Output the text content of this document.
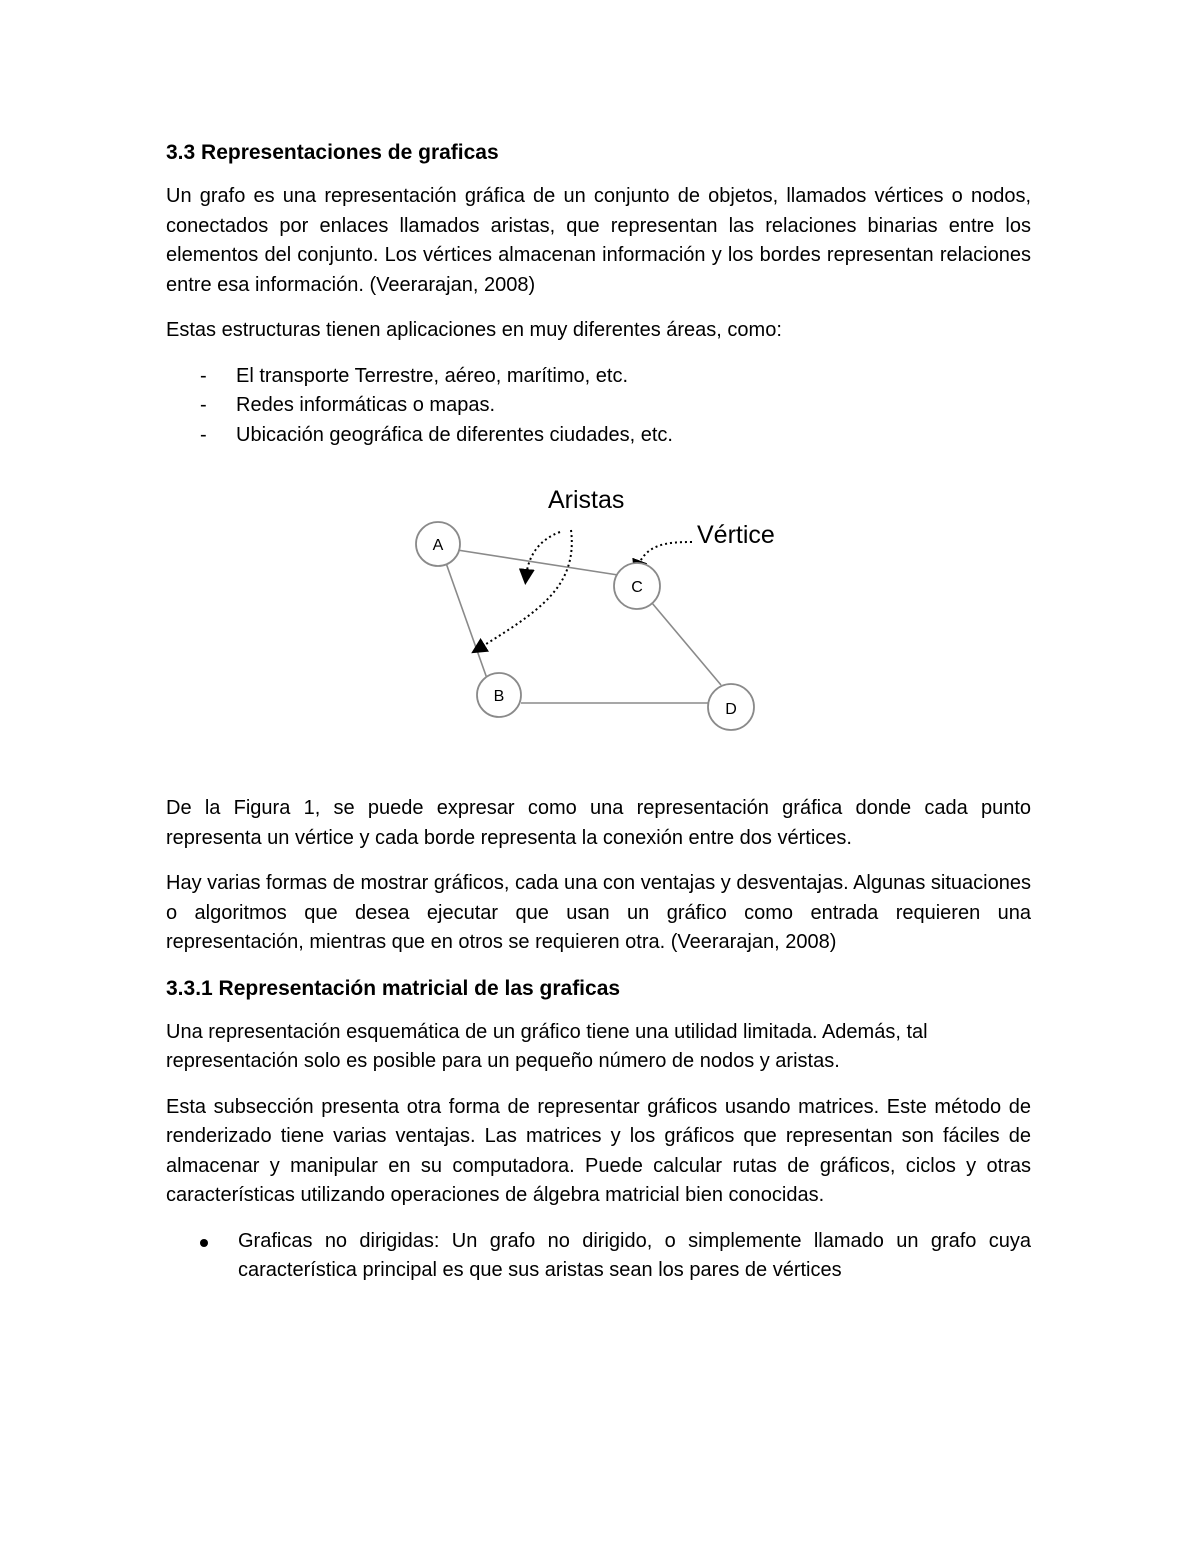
3.3 Representaciones de graficas

Un grafo es una representación gráfica de un conjunto de objetos, llamados vértices o nodos, conectados por enlaces llamados aristas, que representan las relaciones binarias entre los elementos del conjunto. Los vértices almacenan información y los bordes representan relaciones entre esa información. (Veerarajan, 2008)

Estas estructuras tienen aplicaciones en muy diferentes áreas, como:

- El transporte Terrestre, aéreo, marítimo, etc.
- Redes informáticas o mapas.
- Ubicación geográfica de diferentes ciudades, etc.
A
C
B
D
Aristas
Vértice

De la Figura 1, se puede expresar como una representación gráfica donde cada punto representa un vértice y cada borde representa la conexión entre dos vértices.

Hay varias formas de mostrar gráficos, cada una con ventajas y desventajas. Algunas situaciones o algoritmos que desea ejecutar que usan un gráfico como entrada requieren una representación, mientras que en otros se requieren otra. (Veerarajan, 2008)

3.3.1 Representación matricial de las graficas

Una representación esquemática de un gráfico tiene una utilidad limitada. Además, tal representación solo es posible para un pequeño número de nodos y aristas.

Esta subsección presenta otra forma de representar gráficos usando matrices. Este método de renderizado tiene varias ventajas. Las matrices y los gráficos que representan son fáciles de almacenar y manipular en su computadora. Puede calcular rutas de gráficos, ciclos y otras características utilizando operaciones de álgebra matricial bien conocidas.

Graficas no dirigidas: Un grafo no dirigido, o simplemente llamado un grafo cuya característica principal es que sus aristas sean los pares de vértices
